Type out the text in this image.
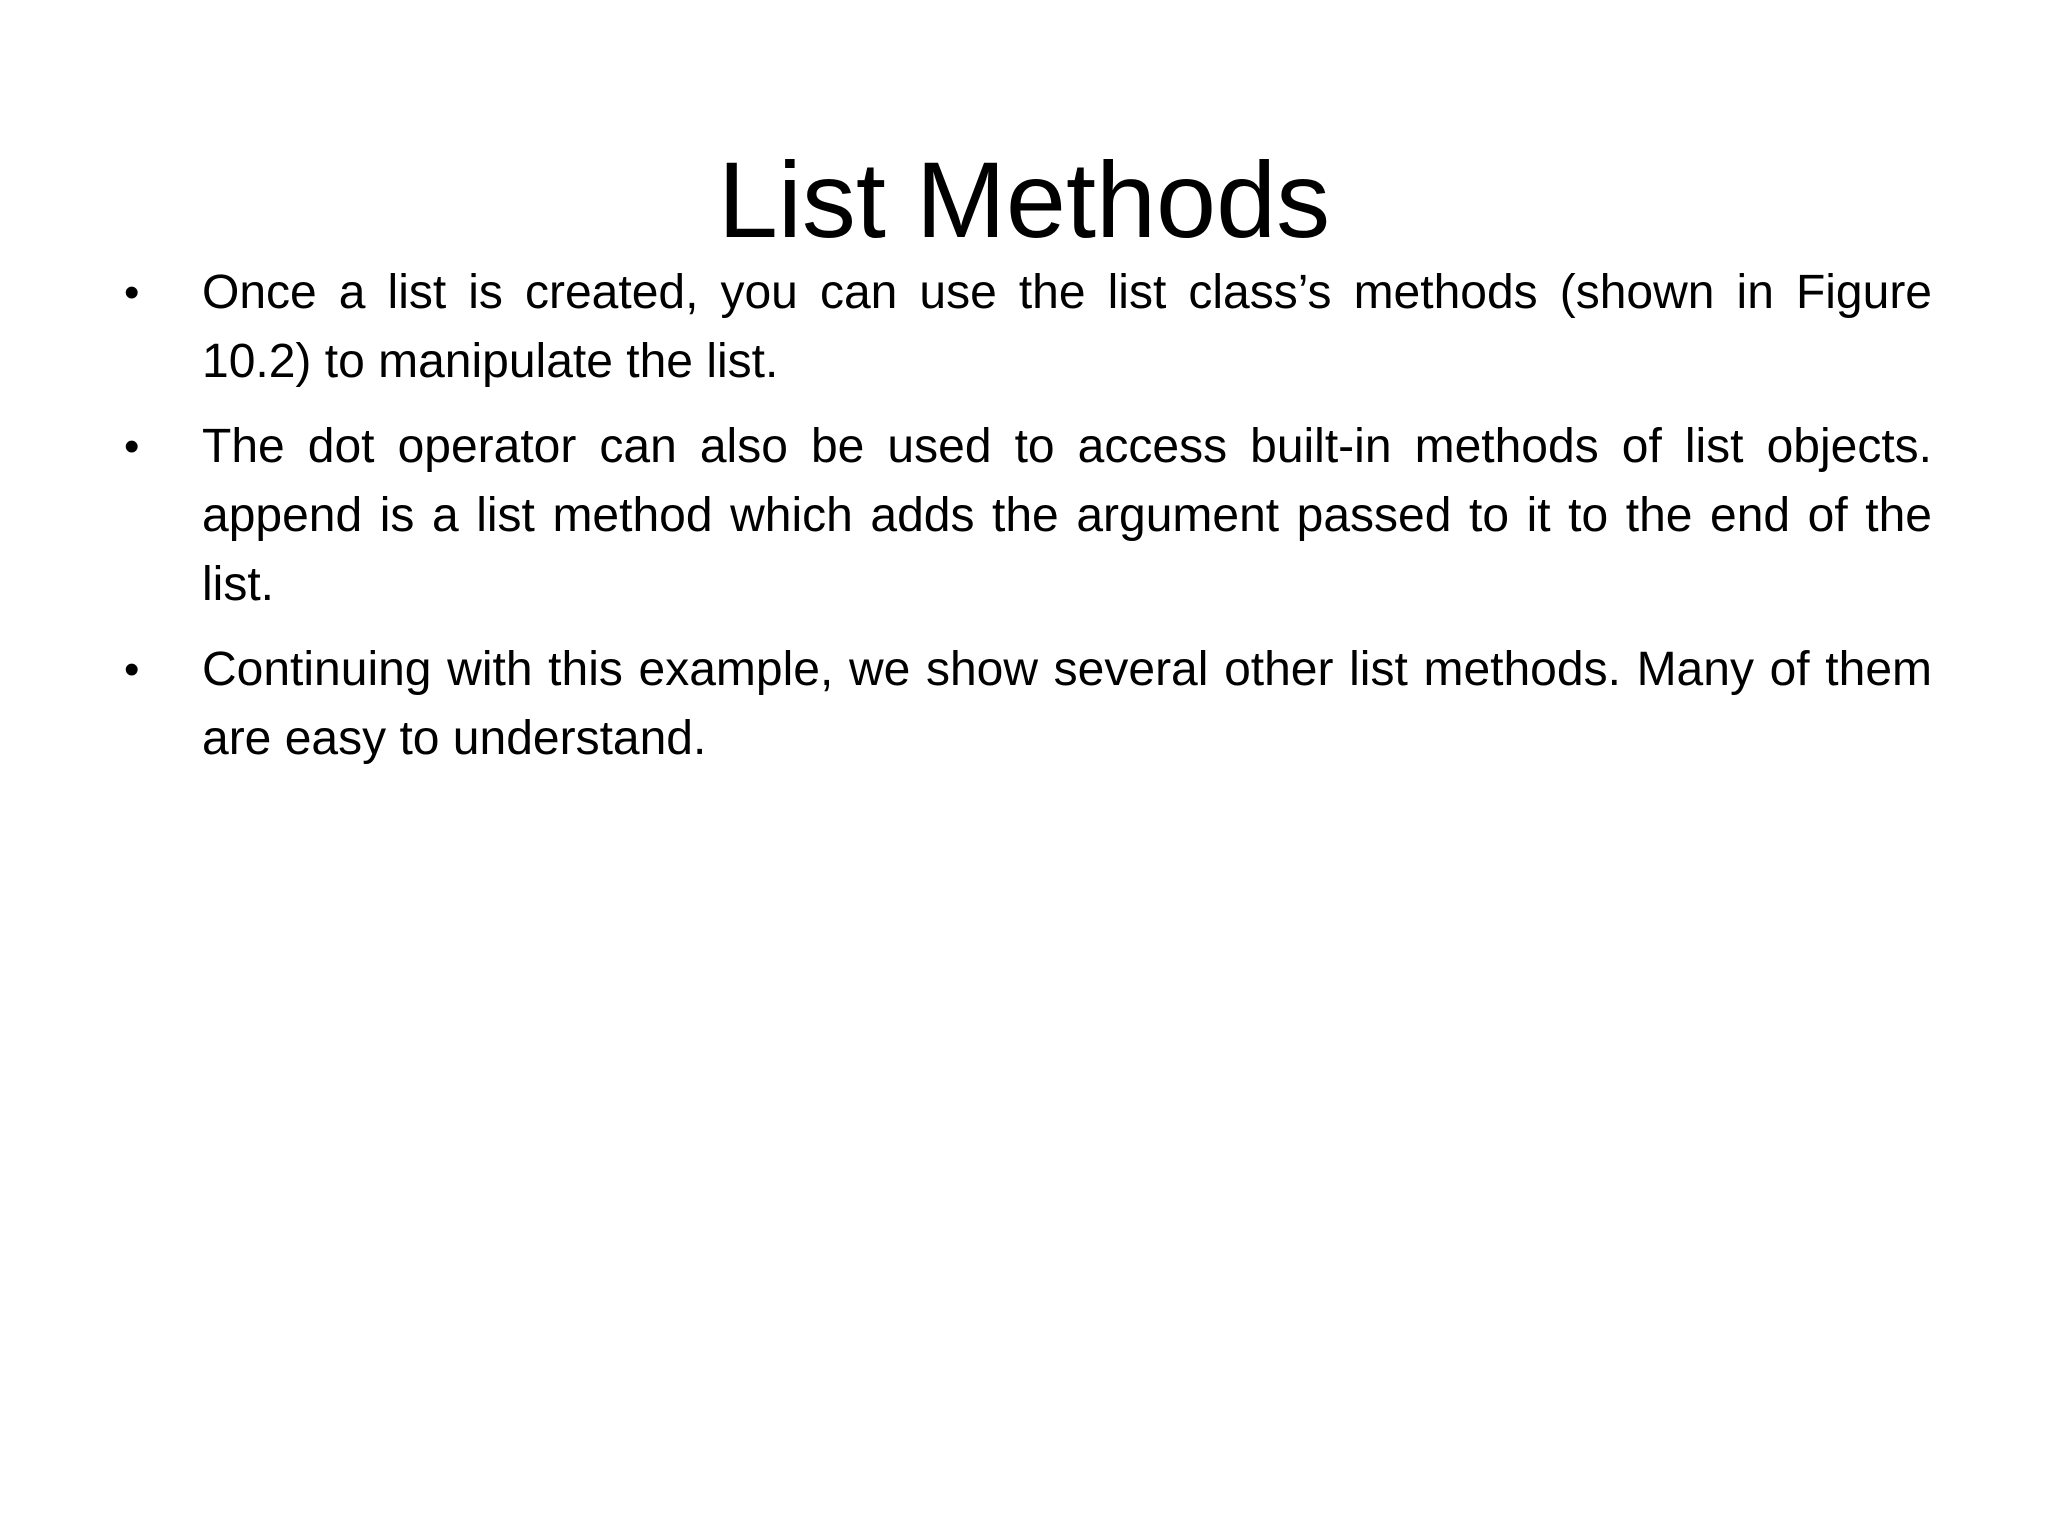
List Methods
•	Once a list is created, you can use the list class’s methods (shown in Figure 10.2) to manipulate the list.
•	The dot operator can also be used to access built-in methods of list objects. append is a list method which adds the argument passed to it to the end of the list.
•	Continuing with this example, we show several other list methods. Many of them are easy to understand.
